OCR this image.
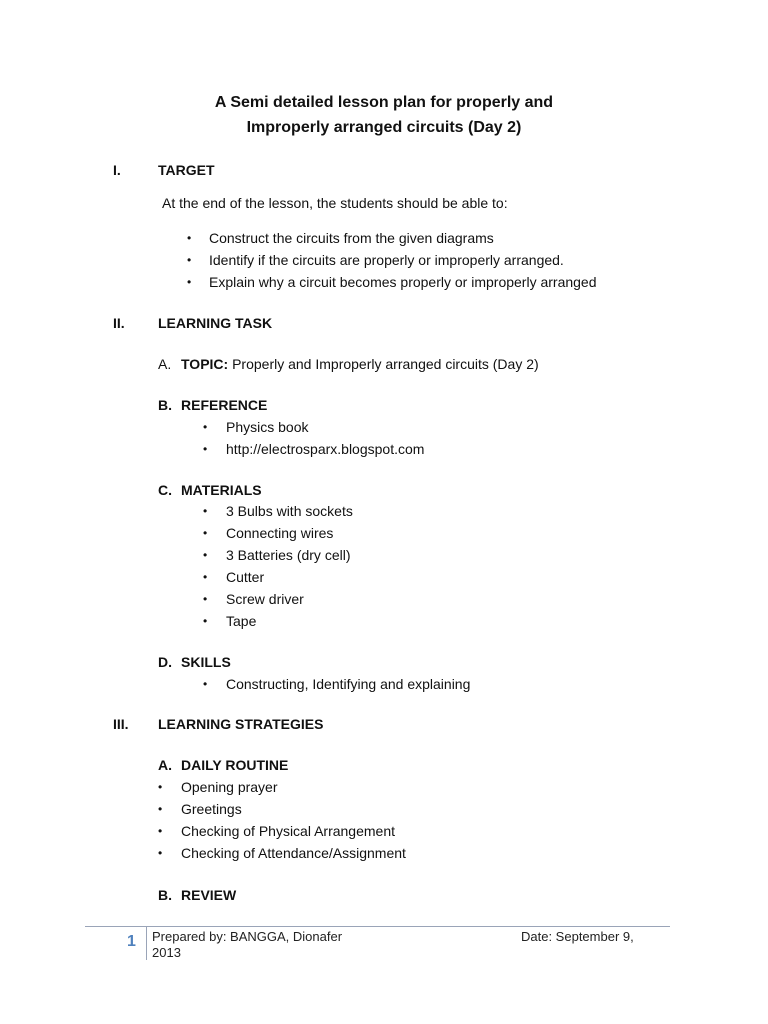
A Semi detailed lesson plan for properly and
Improperly arranged circuits (Day 2)
I.	TARGET
At the end of the lesson, the students should be able to:
• Construct the circuits from the given diagrams
• Identify if the circuits are properly or improperly arranged.
• Explain why a circuit becomes properly or improperly arranged
II. LEARNING TASK
A. TOPIC: Properly and Improperly arranged circuits (Day 2)
B. REFERENCE
• Physics book
• http://electrosparx.blogspot.com
C. MATERIALS
• 3 Bulbs with sockets
• Connecting wires
• 3 Batteries (dry cell)
• Cutter
• Screw driver
• Tape
D. SKILLS
• Constructing, Identifying and explaining
III. LEARNING STRATEGIES
A. DAILY ROUTINE
• Opening prayer
• Greetings
• Checking of Physical Arrangement
• Checking of Attendance/Assignment
B. REVIEW
1 Prepared by: BANGGA, Dionafer	Date: September 9,
2013
